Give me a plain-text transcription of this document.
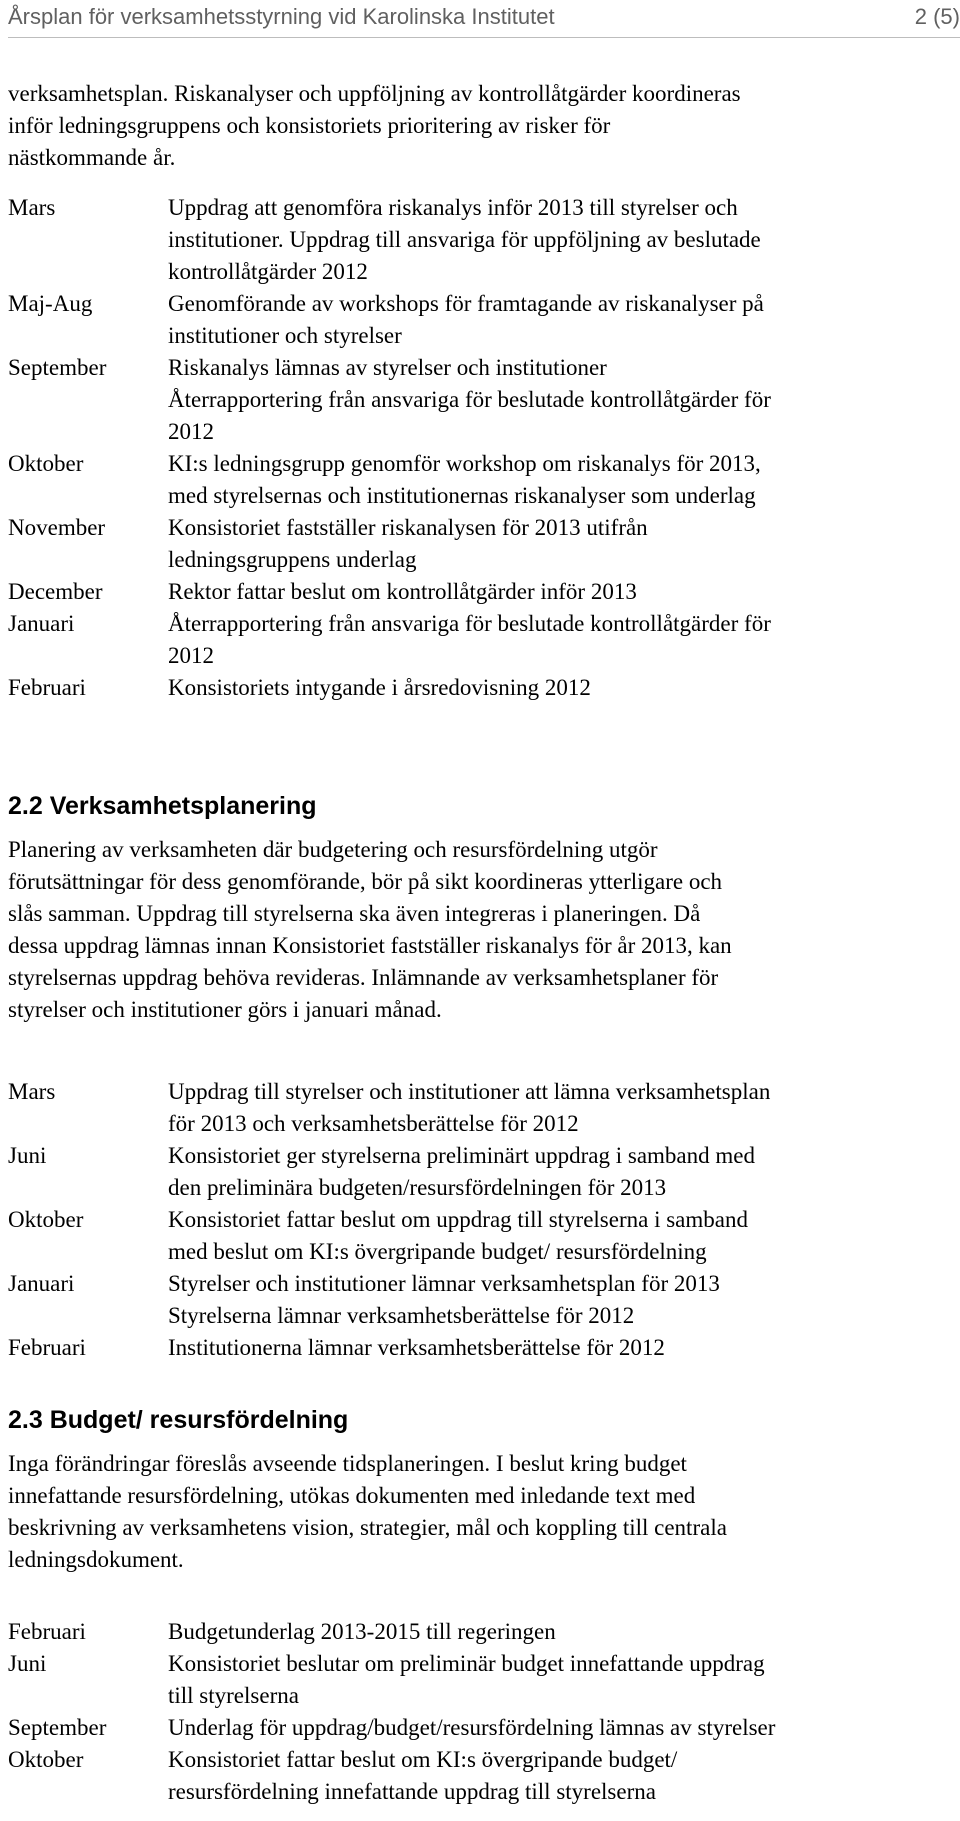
Årsplan för verksamhetsstyrning vid Karolinska Institutet	2 (5)
verksamhetsplan. Riskanalyser och uppföljning av kontrollåtgärder koordineras
inför ledningsgruppens och konsistoriets prioritering av risker för
nästkommande år.
Mars	Uppdrag att genomföra riskanalys inför 2013 till styrelser och
institutioner. Uppdrag till ansvariga för uppföljning av beslutade
kontrollåtgärder 2012
Maj-Aug	Genomförande av workshops för framtagande av riskanalyser på
institutioner och styrelser
September	Riskanalys lämnas av styrelser och institutioner
Återrapportering från ansvariga för beslutade kontrollåtgärder för
2012
Oktober	KI:s ledningsgrupp genomför workshop om riskanalys för 2013,
med styrelsernas och institutionernas riskanalyser som underlag
November	Konsistoriet fastställer riskanalysen för 2013 utifrån
ledningsgruppens underlag
December	Rektor fattar beslut om kontrollåtgärder inför 2013
Januari	Återrapportering från ansvariga för beslutade kontrollåtgärder för
2012
Februari	Konsistoriets intygande i årsredovisning 2012
2.2 Verksamhetsplanering
Planering av verksamheten där budgetering och resursfördelning utgör
förutsättningar för dess genomförande, bör på sikt koordineras ytterligare och
slås samman. Uppdrag till styrelserna ska även integreras i planeringen. Då
dessa uppdrag lämnas innan Konsistoriet fastställer riskanalys för år 2013, kan
styrelsernas uppdrag behöva revideras. Inlämnande av verksamhetsplaner för
styrelser och institutioner görs i januari månad.
Mars	Uppdrag till styrelser och institutioner att lämna verksamhetsplan
för 2013 och verksamhetsberättelse för 2012
Juni	Konsistoriet ger styrelserna preliminärt uppdrag i samband med
den preliminära budgeten/resursfördelningen för 2013
Oktober	Konsistoriet fattar beslut om uppdrag till styrelserna i samband
med beslut om KI:s övergripande budget/ resursfördelning
Januari	Styrelser och institutioner lämnar verksamhetsplan för 2013
Styrelserna lämnar verksamhetsberättelse för 2012
Februari	Institutionerna lämnar verksamhetsberättelse för 2012
2.3 Budget/ resursfördelning
Inga förändringar föreslås avseende tidsplaneringen. I beslut kring budget
innefattande resursfördelning, utökas dokumenten med inledande text med
beskrivning av verksamhetens vision, strategier, mål och koppling till centrala
ledningsdokument.
Februari	Budgetunderlag 2013-2015 till regeringen
Juni	Konsistoriet beslutar om preliminär budget innefattande uppdrag
till styrelserna
September	Underlag för uppdrag/budget/resursfördelning lämnas av styrelser
Oktober	Konsistoriet fattar beslut om KI:s övergripande budget/
resursfördelning innefattande uppdrag till styrelserna
